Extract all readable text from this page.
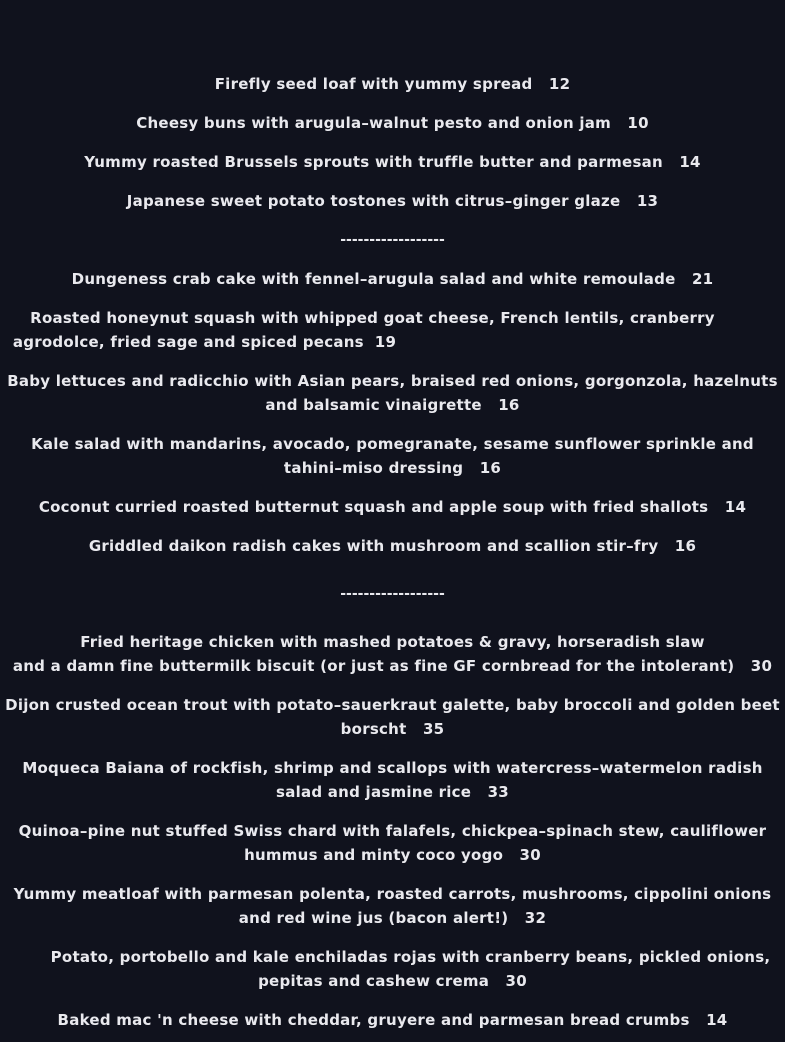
Firefly seed loaf with yummy spread   12
Cheesy buns with arugula–walnut pesto and onion jam   10
Yummy roasted Brussels sprouts with truffle butter and parmesan   14
Japanese sweet potato tostones with citrus–ginger glaze   13
------------------
Dungeness crab cake with fennel–arugula salad and white remoulade   21
Roasted honeynut squash with whipped goat cheese, French lentils, cranberry
agrodolce, fried sage and spiced pecans  19
Baby lettuces and radicchio with Asian pears, braised red onions, gorgonzola, hazelnuts
and balsamic vinaigrette   16
Kale salad with mandarins, avocado, pomegranate, sesame sunflower sprinkle and
tahini–miso dressing   16
Coconut curried roasted butternut squash and apple soup with fried shallots   14
Griddled daikon radish cakes with mushroom and scallion stir–fry   16
------------------
Fried heritage chicken with mashed potatoes & gravy, horseradish slaw
and a damn fine buttermilk biscuit (or just as fine GF cornbread for the intolerant)   30
Dijon crusted ocean trout with potato–sauerkraut galette, baby broccoli and golden beet
borscht   35
Moqueca Baiana of rockfish, shrimp and scallops with watercress–watermelon radish
salad and jasmine rice   33
Quinoa–pine nut stuffed Swiss chard with falafels, chickpea–spinach stew, cauliflower
hummus and minty coco yogo   30
Yummy meatloaf with parmesan polenta, roasted carrots, mushrooms, cippolini onions
and red wine jus (bacon alert!)   32
Potato, portobello and kale enchiladas rojas with cranberry beans, pickled onions,
pepitas and cashew crema   30
Baked mac 'n cheese with cheddar, gruyere and parmesan bread crumbs   14
